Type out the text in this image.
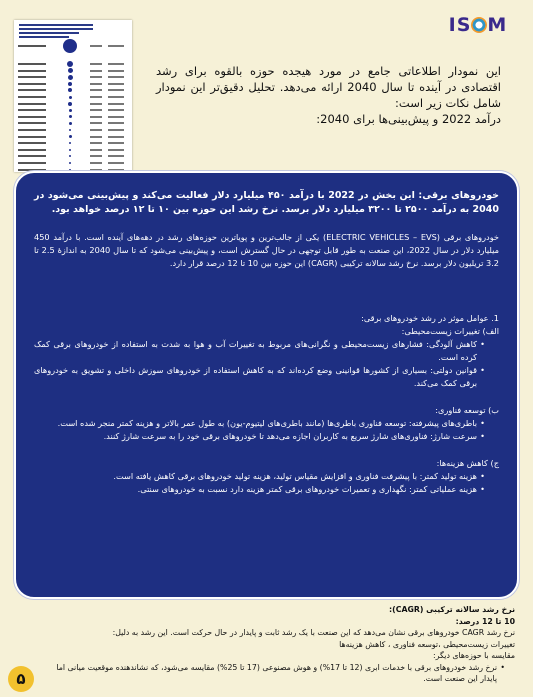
IS M

این نمودار اطلاعاتی جامع در مورد هیجده حوزه بالقوه برای رشد اقتصادی در آینده تا سال 2040 ارائه می‌دهد. تحلیل دقیق‌تر این نمودار شامل نکات زیر است:
درآمد 2022 و پیش‌بینی‌ها برای 2040:
خودروهای برقی: این بخش در 2022 با درآمد ۴۵۰ میلیارد دلار فعالیت می‌کند و پیش‌بینی می‌شود در 2040 به درآمد ۲۵۰۰ تا ۳۲۰۰ میلیارد دلار برسد. نرخ رشد این حوزه بین ۱۰ تا ۱۲ درصد خواهد بود.

خودروهای برقی (ELECTRIC VEHICLES – EVS) یکی از جالب‌ترین و پویاترین حوزه‌های رشد در دهه‌های آینده است. با درآمد 450 میلیارد دلار در سال 2022، این صنعت به طور قابل توجهی در حال گسترش است، و پیش‌بینی می‌شود که تا سال 2040 به اندازهٔ 2.5 تا 3.2 تریلیون دلار برسد. نرخ رشد سالانه ترکیبی (CAGR) این حوزه بین 10 تا 12 درصد قرار دارد.

1. عوامل موثر در رشد خودروهای برقی:

الف) تغییرات زیست‌محیطی:

• کاهش آلودگی: فشارهای زیست‌محیطی و نگرانی‌های مربوط به تغییرات آب و هوا به شدت به استفاده از خودروهای برقی کمک کرده است.
• قوانین دولتی: بسیاری از کشورها قوانینی وضع کرده‌اند که به کاهش استفاده از خودروهای سوزش داخلی و تشویق به خودروهای برقی کمک می‌کند.

ب) توسعه فناوری:

• باطری‌های پیشرفته: توسعه فناوری باطری‌ها (مانند باطری‌های لیتیوم-یون) به طول عمر بالاتر و هزینه کمتر منجر شده است.
• سرعت شارژ: فناوری‌های شارژ سریع به کاربران اجازه می‌دهد تا خودروهای برقی خود را به سرعت شارژ کنند.

ج) کاهش هزینه‌ها:

• هزینه تولید کمتر: با پیشرفت فناوری و افزایش مقیاس تولید، هزینه تولید خودروهای برقی کاهش یافته است.
• هزینه عملیاتی کمتر: نگهداری و تعمیرات خودروهای برقی کمتر هزینه دارد نسبت به خودروهای سنتی.
نرخ رشد سالانه ترکیبی (CAGR):
10 تا 12 درصد:
نرخ رشد CAGR خودروهای برقی نشان می‌دهد که این صنعت با یک رشد ثابت و پایدار در حال حرکت است. این رشد به دلیل:
تغییرات زیست‌محیطی ،توسعه فناوری ، کاهش هزینه‌ها
مقایسه با حوزه‌های دیگر:
• نرخ رشد خودروهای برقی با خدمات ابری (12 تا 17%) و هوش مصنوعی (17 تا 25%) مقایسه می‌شود، که نشاندهنده موقعیت میانی اما پایدار این صنعت است.
۵
